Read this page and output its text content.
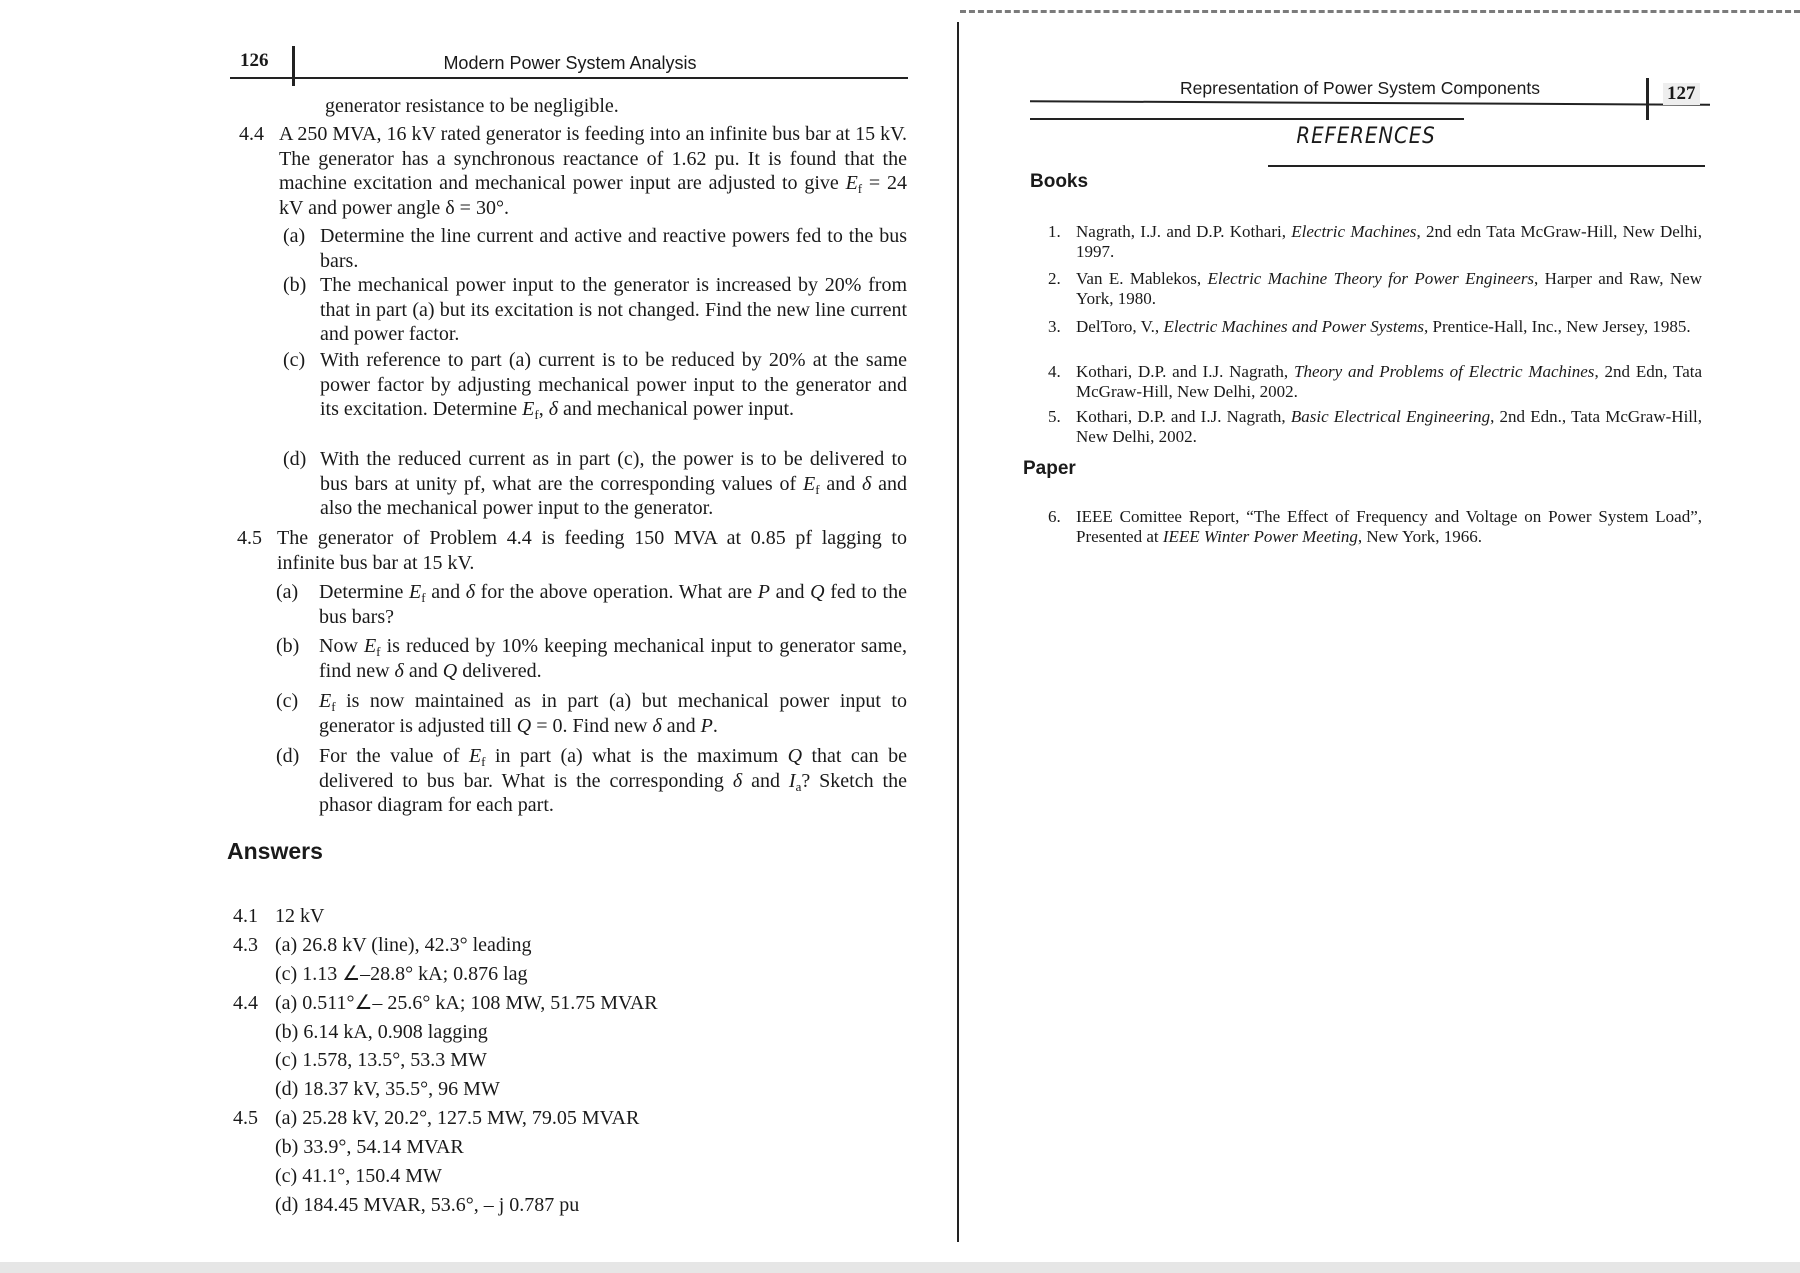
126	Modern Power System Analysis
generator resistance to be negligible.
4.4 A 250 MVA, 16 kV rated generator is feeding into an infinite bus bar at 15 kV. The generator has a synchronous reactance of 1.62 pu. It is found that the machine excitation and mechanical power input are adjusted to give $E_f = 24$ kV and power angle δ = 30°.
(a) Determine the line current and active and reactive powers fed to the bus bars.
(b) The mechanical power input to the generator is increased by 20% from that in part (a) but its excitation is not changed. Find the new line current and power factor.
(c) With reference to part (a) current is to be reduced by 20% at the same power factor by adjusting mechanical power input to the generator and its excitation. Determine $E_f$, δ and mechanical power input.
(d) With the reduced current as in part (c), the power is to be delivered to bus bars at unity pf, what are the corresponding values of $E_f$ and δ and also the mechanical power input to the generator.
4.5 The generator of Problem 4.4 is feeding 150 MVA at 0.85 pf lagging to infinite bus bar at 15 kV.
(a) Determine $E_f$ and δ for the above operation. What are P and Q fed to the bus bars?
(b) Now $E_f$ is reduced by 10% keeping mechanical input to generator same, find new δ and Q delivered.
(c) $E_f$ is now maintained as in part (a) but mechanical power input to generator is adjusted till Q = 0. Find new δ and P.
(d) For the value of $E_f$ in part (a) what is the maximum Q that can be delivered to bus bar. What is the corresponding δ and $I_a$? Sketch the phasor diagram for each part.
Answers
4.1 12 kV
4.3 (a) 26.8 kV (line), 42.3° leading
(c) 1.13 ∠–28.8° kA; 0.876 lag
4.4 (a) 0.511°∠– 25.6° kA; 108 MW, 51.75 MVAR
(b) 6.14 kA, 0.908 lagging
(c) 1.578, 13.5°, 53.3 MW
(d) 18.37 kV, 35.5°, 96 MW
4.5 (a) 25.28 kV, 20.2°, 127.5 MW, 79.05 MVAR
(b) 33.9°, 54.14 MVAR
(c) 41.1°, 150.4 MW
(d) 184.45 MVAR, 53.6°, – j 0.787 pu
Representation of Power System Components	127
REFERENCES
Books
1. Nagrath, I.J. and D.P. Kothari, Electric Machines, 2nd edn Tata McGraw-Hill, New Delhi, 1997.
2. Van E. Mablekos, Electric Machine Theory for Power Engineers, Harper and Raw, New York, 1980.
3. DelToro, V., Electric Machines and Power Systems, Prentice-Hall, Inc., New Jersey, 1985.
4. Kothari, D.P. and I.J. Nagrath, Theory and Problems of Electric Machines, 2nd Edn, Tata McGraw-Hill, New Delhi, 2002.
5. Kothari, D.P. and I.J. Nagrath, Basic Electrical Engineering, 2nd Edn., Tata McGraw-Hill, New Delhi, 2002.
Paper
6. IEEE Comittee Report, “The Effect of Frequency and Voltage on Power System Load”, Presented at IEEE Winter Power Meeting, New York, 1966.
